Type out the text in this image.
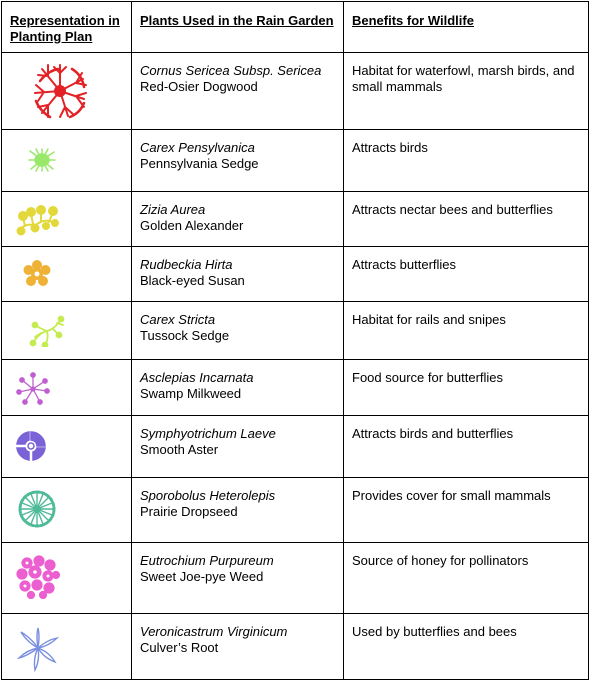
Representation in Planting Plan	Plants Used in the Rain Garden	Benefits for Wildlife

Cornus Sericea Subsp. Sericea
Red-Osier Dogwood	Habitat for waterfowl, marsh birds, and small mammals

Carex Pensylvanica
Pennsylvania Sedge	Attracts birds

Zizia Aurea
Golden Alexander	Attracts nectar bees and butterflies

Rudbeckia Hirta
Black-eyed Susan	Attracts butterflies

Carex Stricta
Tussock Sedge	Habitat for rails and snipes

Asclepias Incarnata
Swamp Milkweed	Food source for butterflies

Symphyotrichum Laeve
Smooth Aster	Attracts birds and butterflies

Sporobolus Heterolepis
Prairie Dropseed	Provides cover for small mammals

Eutrochium Purpureum
Sweet Joe-pye Weed	Source of honey for pollinators

Veronicastrum Virginicum
Culver’s Root	Used by butterflies and bees
